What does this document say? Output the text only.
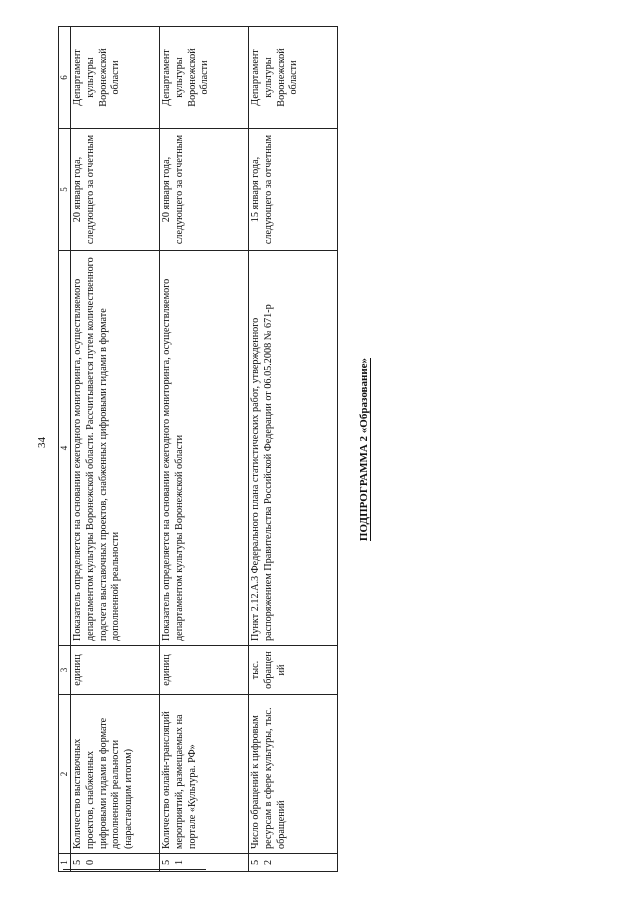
34
1	2	3	4	5	6
50	Количество выставочных проектов, снабженных цифровыми гидами в формате дополненной реальности (нарастающим итогом)	единиц	Показатель определяется на основании ежегодного мониторинга, осуществляемого департаментом культуры Воронежской области. Рассчитывается путем количественного подсчета выставочных проектов, снабженных цифровыми гидами в формате дополненной реальности	20 января года, следующего за отчетным	Департамент культуры Воронежской области
51	Количество онлайн-трансляций мероприятий, размещаемых на портале «Культура. РФ»	единиц	Показатель определяется на основании ежегодного мониторинга, осуществляемого департаментом культуры Воронежской области	20 января года, следующего за отчетным	Департамент культуры Воронежской области
52	Число обращений к цифровым ресурсам в сфере культуры, тыс. обращений	тыс. обращений	Пункт 2.12.А.3 Федерального плана статистических работ, утвержденного распоряжением Правительства Российской Федерации от 06.05.2008 № 671-р	15 января года, следующего за отчетным	Департамент культуры Воронежской области
ПОДПРОГРАММА 2 «Образование»
